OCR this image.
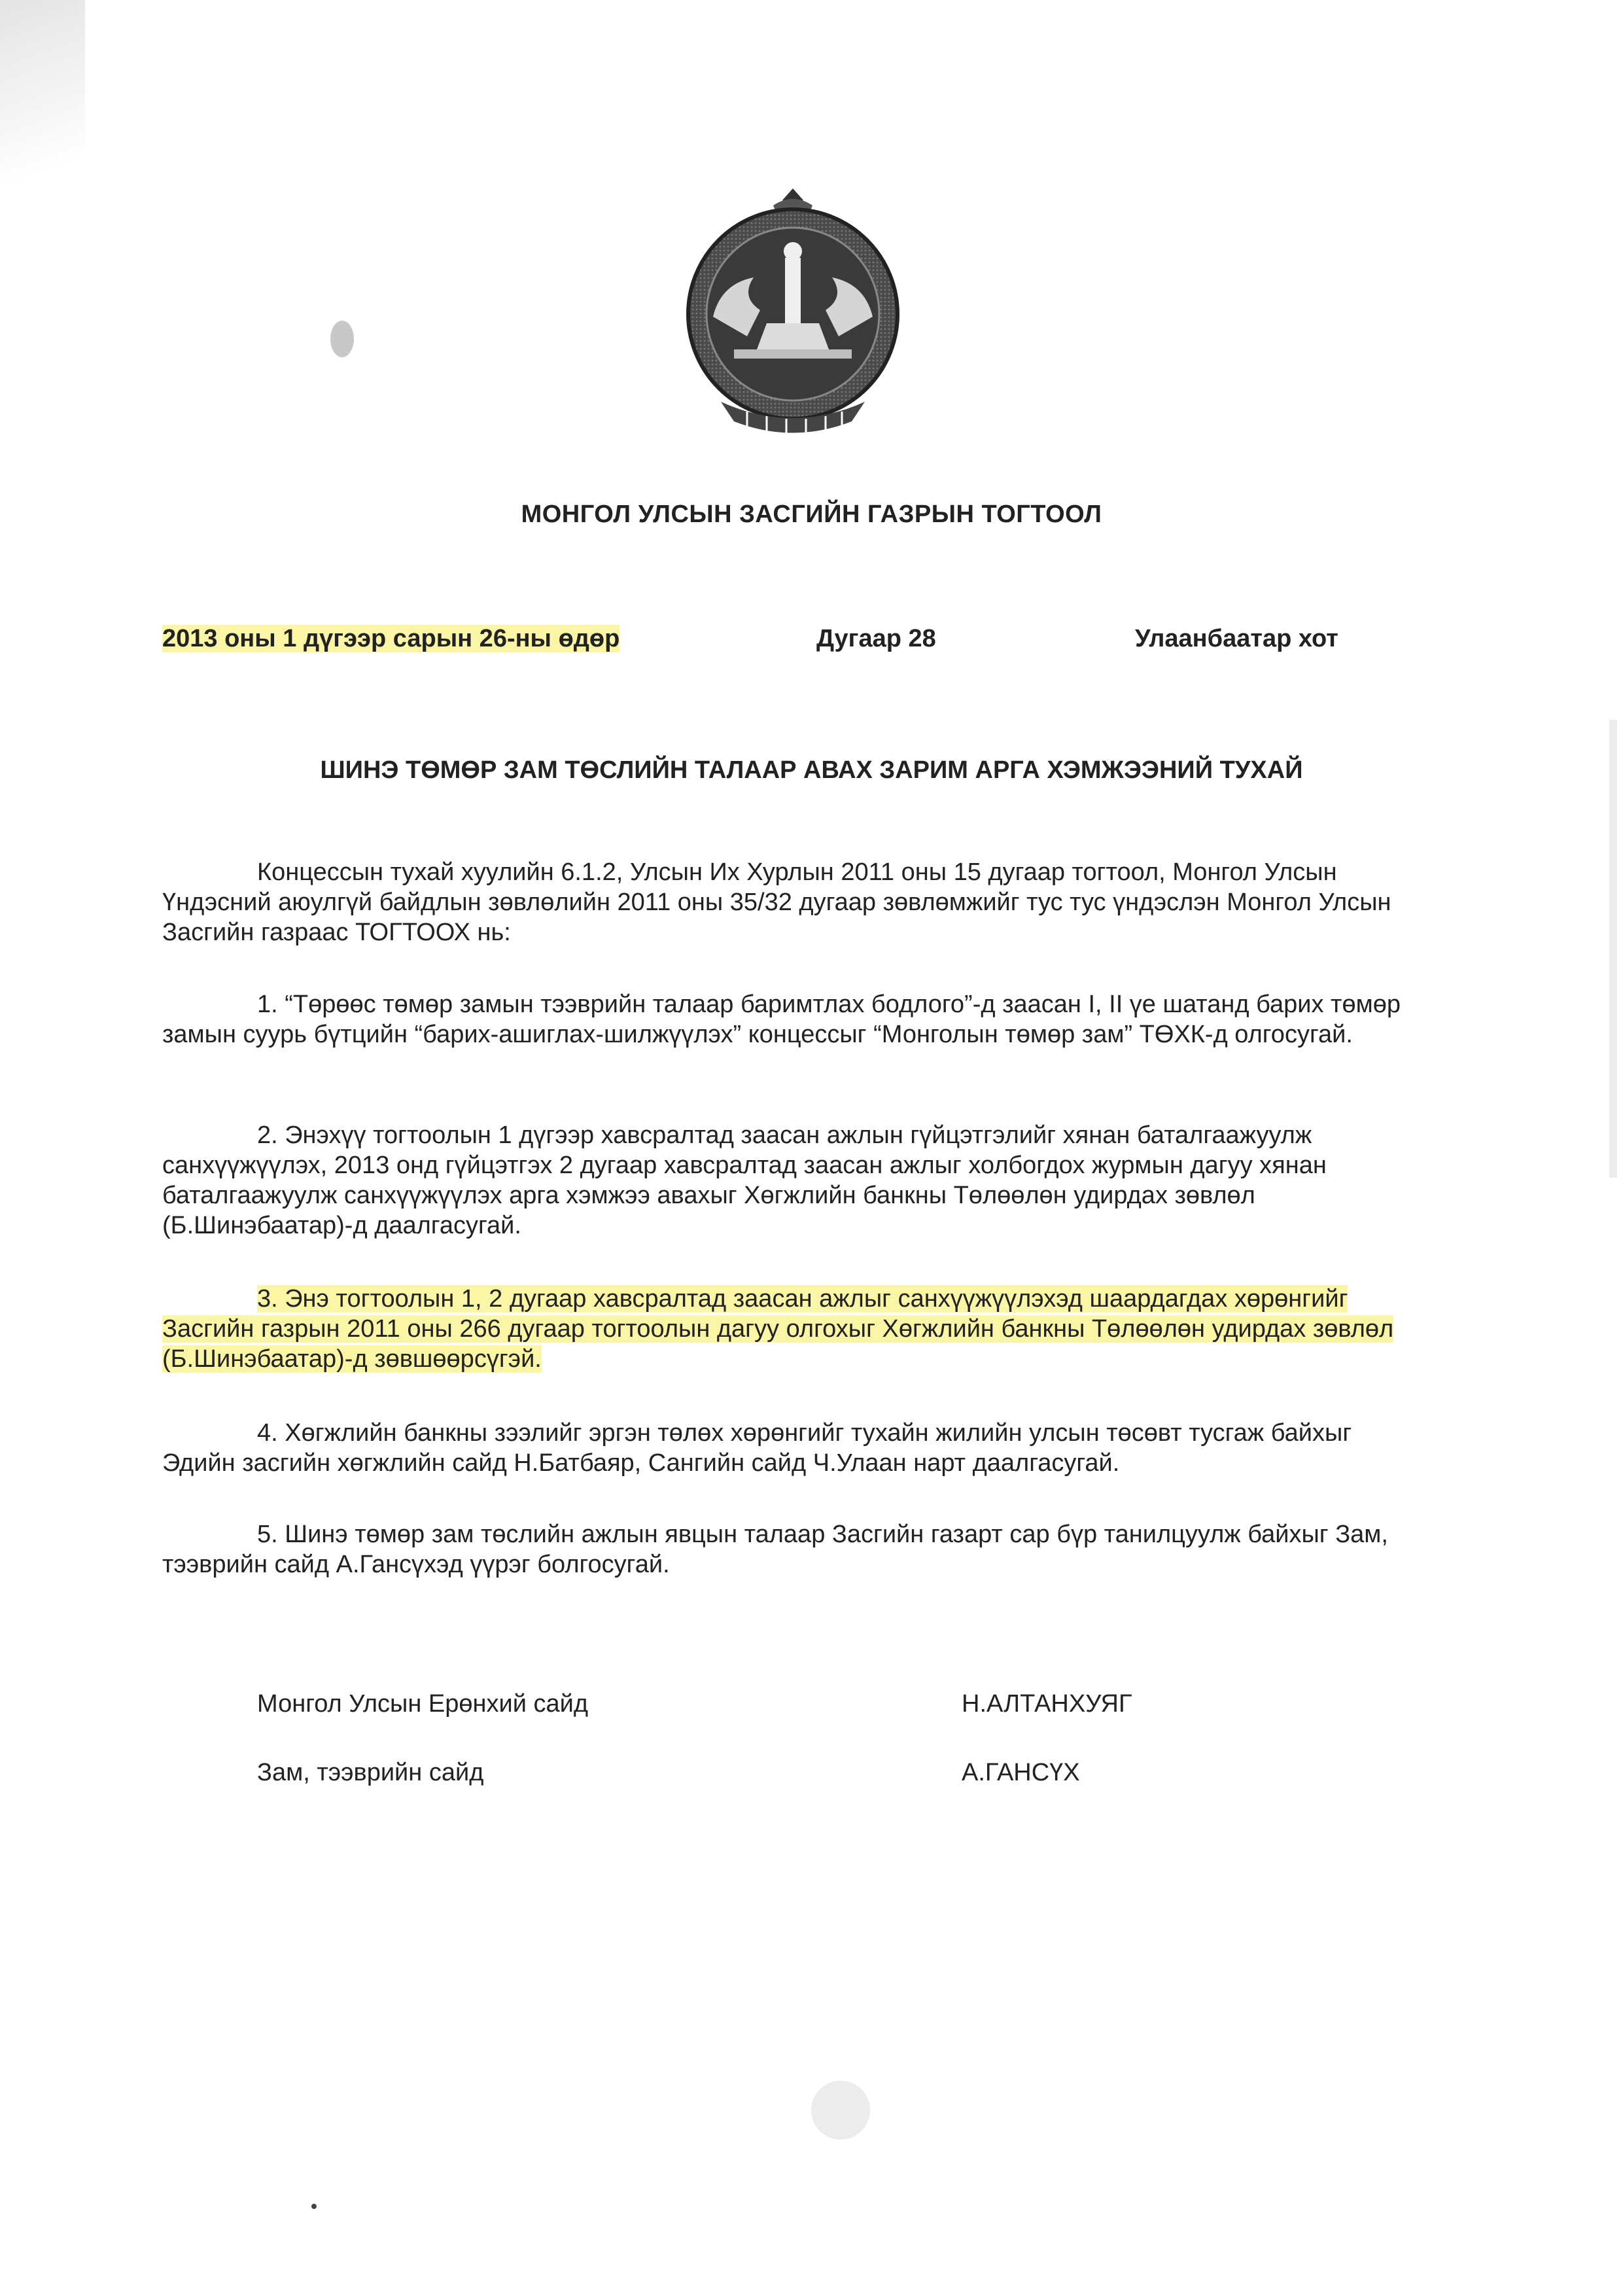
МОНГОЛ УЛСЫН ЗАСГИЙН ГАЗРЫН ТОГТООЛ
2013 оны 1 дүгээр сарын 26-ны өдөр	Дугаар 28	Улаанбаатар хот
ШИНЭ ТӨМӨР ЗАМ ТӨСЛИЙН ТАЛААР АВАХ ЗАРИМ АРГА ХЭМЖЭЭНИЙ ТУХАЙ
Концессын тухай хуулийн 6.1.2, Улсын Их Хурлын 2011 оны 15 дугаар тогтоол, Монгол Улсын Үндэсний аюулгүй байдлын зөвлөлийн 2011 оны 35/32 дугаар зөвлөмжийг тус тус үндэслэн Монгол Улсын Засгийн газраас ТОГТООХ нь:
1. “Төрөөс төмөр замын тээврийн талаар баримтлах бодлого”-д заасан I, II үе шатанд барих төмөр замын суурь бүтцийн “барих-ашиглах-шилжүүлэх” концессыг “Монголын төмөр зам” ТӨХК-д олгосугай.
2. Энэхүү тогтоолын 1 дүгээр хавсралтад заасан ажлын гүйцэтгэлийг хянан баталгаажуулж санхүүжүүлэх, 2013 онд гүйцэтгэх 2 дугаар хавсралтад заасан ажлыг холбогдох журмын дагуу хянан баталгаажуулж санхүүжүүлэх арга хэмжээ авахыг Хөгжлийн банкны Төлөөлөн удирдах зөвлөл (Б.Шинэбаатар)-д даалгасугай.
3. Энэ тогтоолын 1, 2 дугаар хавсралтад заасан ажлыг санхүүжүүлэхэд шаардагдах хөрөнгийг Засгийн газрын 2011 оны 266 дугаар тогтоолын дагуу олгохыг Хөгжлийн банкны Төлөөлөн удирдах зөвлөл (Б.Шинэбаатар)-д зөвшөөрсүгэй.
4. Хөгжлийн банкны зээлийг эргэн төлөх хөрөнгийг тухайн жилийн улсын төсөвт тусгаж байхыг Эдийн засгийн хөгжлийн сайд Н.Батбаяр, Сангийн сайд Ч.Улаан нарт даалгасугай.
5. Шинэ төмөр зам төслийн ажлын явцын талаар Засгийн газарт сар бүр танилцуулж байхыг Зам, тээврийн сайд А.Гансүхэд үүрэг болгосугай.
Монгол Улсын Ерөнхий сайд	Н.АЛТАНХУЯГ
Зам, тээврийн сайд	А.ГАНСҮХ
